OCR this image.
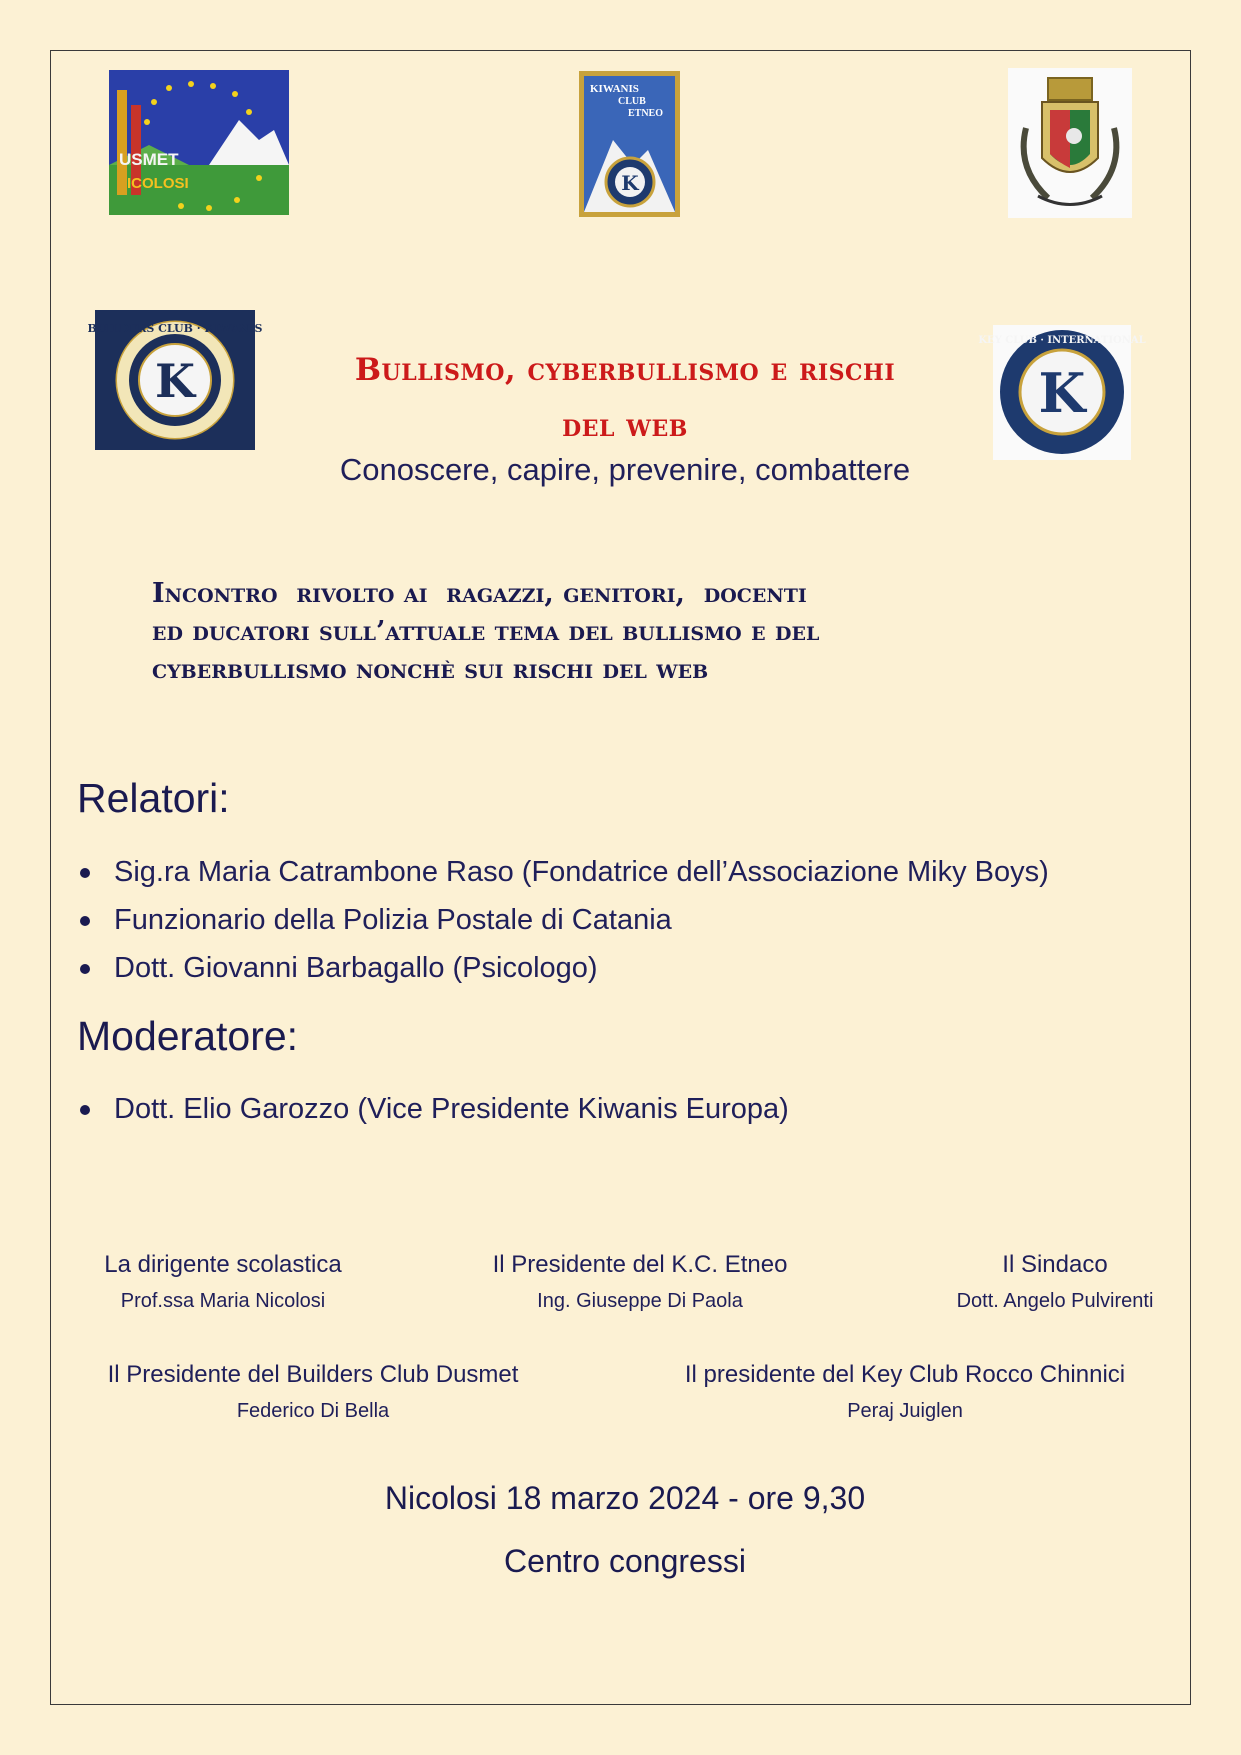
USMET
ICOLOSI
KIWANIS
CLUB
ETNEO
K
K
BUILDERS CLUB · KIWANIS
K
KEY CLUB · INTERNATIONAL
Bullismo, cyberbullismo e rischi
del web
Conoscere, capire, prevenire, combattere
Incontro  rivolto ai  ragazzi, genitori,  docenti
ed ducatori sull’attuale tema del bullismo e del
cyberbullismo nonchè sui rischi del web
Relatori:
Sig.ra Maria Catrambone Raso (Fondatrice dell’Associazione Miky Boys)
Funzionario della Polizia Postale di Catania
Dott. Giovanni Barbagallo (Psicologo)
Moderatore:
Dott. Elio Garozzo (Vice Presidente Kiwanis Europa)
La dirigente scolastica
Prof.ssa Maria Nicolosi
Il Presidente del K.C. Etneo
Ing. Giuseppe Di Paola
Il Sindaco
Dott. Angelo Pulvirenti
Il Presidente del Builders Club Dusmet
Federico Di Bella
Il presidente del Key Club Rocco Chinnici
Peraj Juiglen
Nicolosi 18 marzo 2024 - ore 9,30
Centro congressi
